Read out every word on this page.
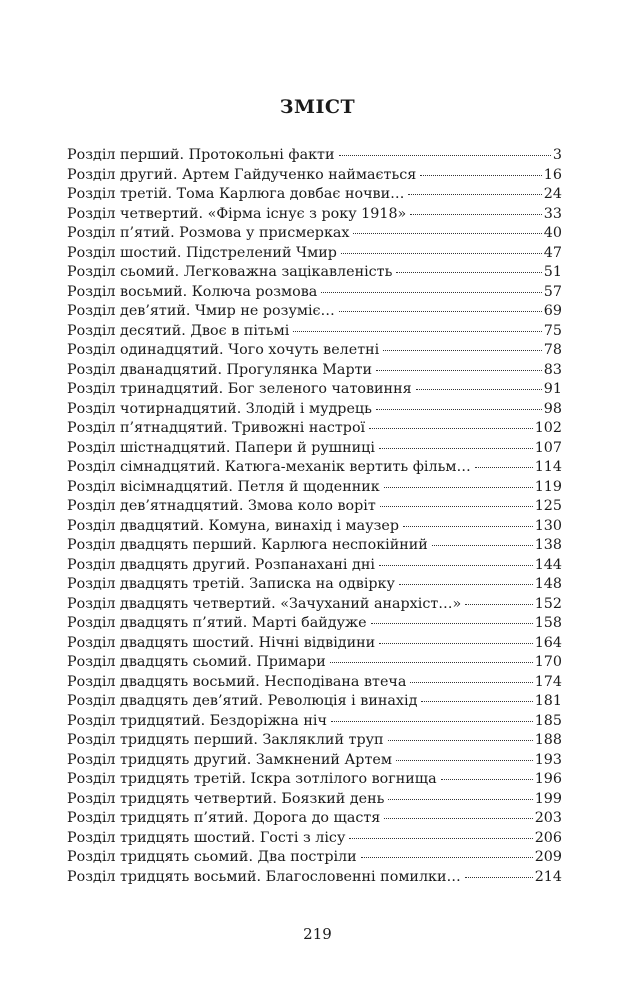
ЗМІСТ
Розділ перший. Протокольні факти	3
Розділ другий. Артем Гайдученко наймається	16
Розділ третій. Тома Карлюга довбає ночви…	24
Розділ четвертий. «Фірма існує з року 1918»	33
Розділ п’ятий. Розмова у присмерках	40
Розділ шостий. Підстрелений Чмир	47
Розділ сьомий. Легковажна зацікавленість	51
Розділ восьмий. Колюча розмова	57
Розділ дев’ятий. Чмир не розуміє…	69
Розділ десятий. Двоє в пітьмі	75
Розділ одинадцятий. Чого хочуть велетні	78
Розділ дванадцятий. Прогулянка Марти	83
Розділ тринадцятий. Бог зеленого чатовиння	91
Розділ чотирнадцятий. Злодій і мудрець	98
Розділ п’ятнадцятий. Тривожні настрої	102
Розділ шістнадцятий. Папери й рушниці	107
Розділ сімнадцятий. Катюга-механік вертить фільм…	114
Розділ вісімнадцятий. Петля й щоденник	119
Розділ дев’ятнадцятий. Змова коло воріт	125
Розділ двадцятий. Комуна, винахід і маузер	130
Розділ двадцять перший. Карлюга неспокійний	138
Розділ двадцять другий. Розпанахані дні	144
Розділ двадцять третій. Записка на одвірку	148
Розділ двадцять четвертий. «Зачуханий анархіст…»	152
Розділ двадцять п’ятий. Марті байдуже	158
Розділ двадцять шостий. Нічні відвідини	164
Розділ двадцять сьомий. Примари	170
Розділ двадцять восьмий. Несподівана втеча	174
Розділ двадцять дев’ятий. Революція і винахід	181
Розділ тридцятий. Бездоріжна ніч	185
Розділ тридцять перший. Закляклий труп	188
Розділ тридцять другий. Замкнений Артем	193
Розділ тридцять третій. Іскра зотлілого вогнища	196
Розділ тридцять четвертий. Боязкий день	199
Розділ тридцять п’ятий. Дорога до щастя	203
Розділ тридцять шостий. Гості з лісу	206
Розділ тридцять сьомий. Два постріли	209
Розділ тридцять восьмий. Благословенні помилки…	214

219
